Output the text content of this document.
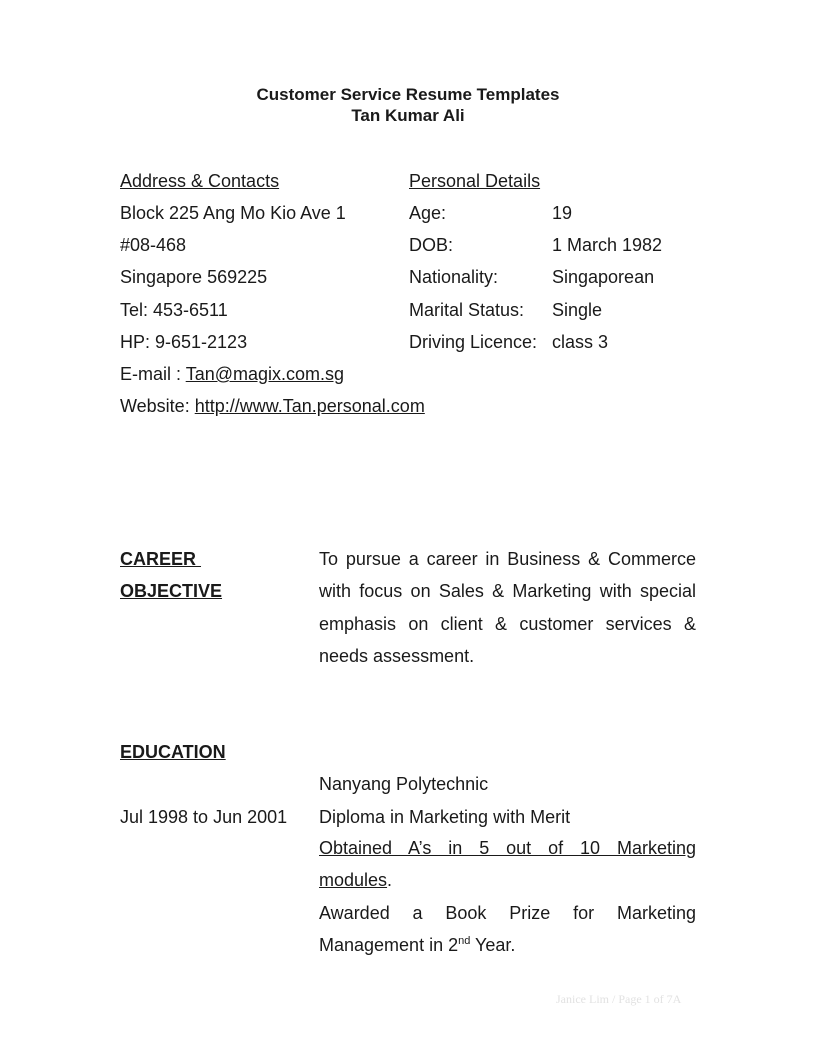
Customer Service Resume Templates
Tan Kumar Ali
Address & Contacts
Block 225 Ang Mo Kio Ave 1
#08-468
Singapore 569225
Tel: 453-6511
HP: 9-651-2123
E-mail : Tan@magix.com.sg
Website: http://www.Tan.personal.com
Personal Details
Age:	19
DOB:	1 March 1982
Nationality:	Singaporean
Marital Status: Single
Driving Licence: class 3
CAREER
OBJECTIVE
To pursue a career in Business & Commerce
with focus on Sales & Marketing with special
emphasis on client & customer services &
needs assessment.
EDUCATION
Nanyang Polytechnic
Jul 1998 to Jun 2001 Diploma in Marketing with Merit
Obtained A’s in 5 out of 10 Marketing
modules.
Awarded a Book Prize for Marketing
Management in 2nd Year.
Janice Lim / Page 1 of 7A
